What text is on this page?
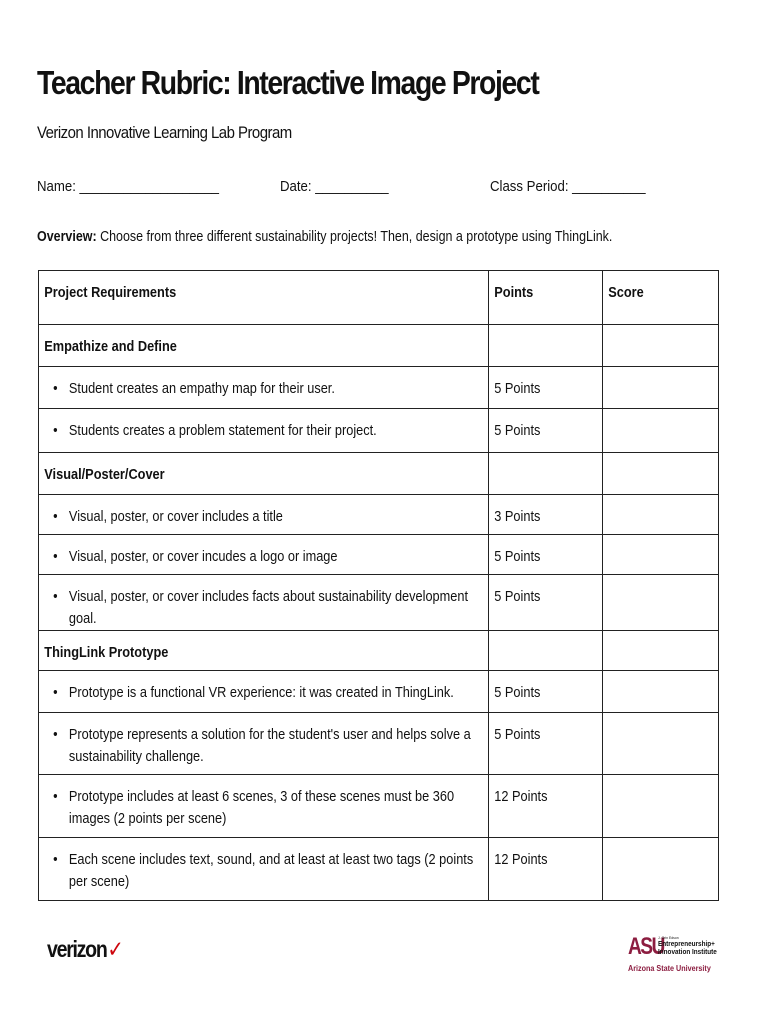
Teacher Rubric: Interactive Image Project
Verizon Innovative Learning Lab Program
Name: ___________________	Date: __________	Class Period: __________
Overview: Choose from three different sustainability projects! Then, design a prototype using ThingLink.
Project Requirements	Points	Score

Empathize and Define		

• Student creates an empathy map for their user.	5 Points	

• Students creates a problem statement for their project.	5 Points	

Visual/Poster/Cover		

• Visual, poster, or cover includes a title	3 Points	

• Visual, poster, or cover incudes a logo or image	5 Points	

• Visual, poster, or cover includes facts about sustainability development goal.	5 Points	

ThingLink Prototype		

• Prototype is a functional VR experience: it was created in ThingLink.	5 Points	

• Prototype represents a solution for the student's user and helps solve a sustainability challenge.	5 Points	

• Prototype includes at least 6 scenes, 3 of these scenes must be 360 images (2 points per scene)	12 Points	

• Each scene includes text, sound, and at least at least two tags (2 points per scene)	12 Points	

verizon✓	ASU
J. Orin Edson
Entrepreneurship+
Innovation Institute
Arizona State University
